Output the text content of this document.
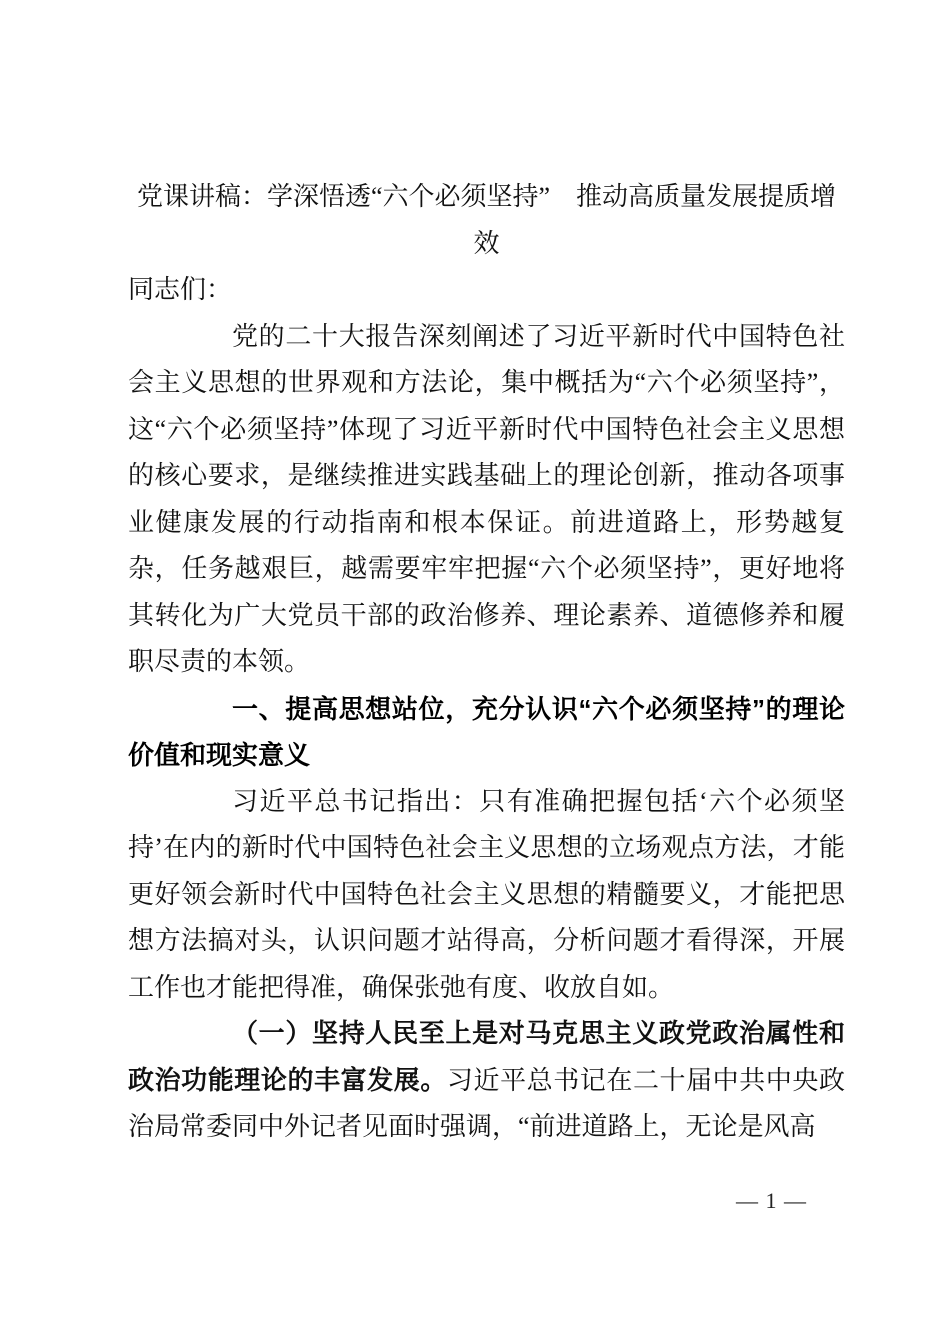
党课讲稿：学深悟透“六个必须坚持”　推动高质量发展提质增
效

同志们：

党的二十大报告深刻阐述了习近平新时代中国特色社会主义思想的世界观和方法论，集中概括为“六个必须坚持”，这“六个必须坚持”体现了习近平新时代中国特色社会主义思想的核心要求，是继续推进实践基础上的理论创新，推动各项事业健康发展的行动指南和根本保证。前进道路上，形势越复杂，任务越艰巨，越需要牢牢把握“六个必须坚持”，更好地将其转化为广大党员干部的政治修养、理论素养、道德修养和履职尽责的本领。

一、提高思想站位，充分认识“六个必须坚持”的理论价值和现实意义

习近平总书记指出：只有准确把握包括‘六个必须坚持’在内的新时代中国特色社会主义思想的立场观点方法，才能更好领会新时代中国特色社会主义思想的精髓要义，才能把思想方法搞对头，认识问题才站得高，分析问题才看得深，开展工作也才能把得准，确保张弛有度、收放自如。

（一）坚持人民至上是对马克思主义政党政治属性和政治功能理论的丰富发展。习近平总书记在二十届中共中央政治局常委同中外记者见面时强调，“前进道路上，无论是风高

— 1 —
